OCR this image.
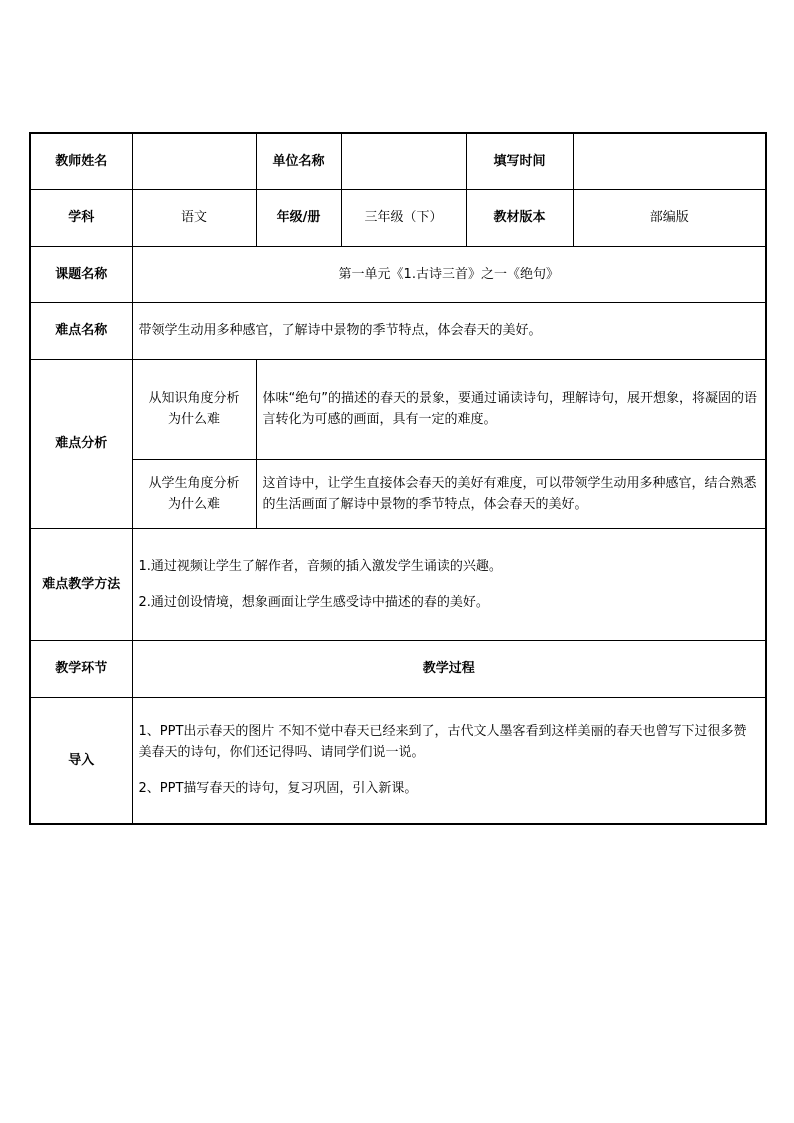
教师姓名		单位名称		填写时间	
学科	语文	年级/册	三年级（下）	教材版本	部编版
课题名称	第一单元《1.古诗三首》之一《绝句》				
难点名称	带领学生动用多种感官，了解诗中景物的季节特点，体会春天的美好。				
难点分析	从知识角度分析为什么难	体味“绝句”的描述的春天的景象，要通过诵读诗句，理解诗句，展开想象，将凝固的语言转化为可感的画面，具有一定的难度。			
	从学生角度分析为什么难	这首诗中，让学生直接体会春天的美好有难度，可以带领学生动用多种感官，结合熟悉的生活画面了解诗中景物的季节特点，体会春天的美好。			
难点教学方法	1.通过视频让学生了解作者，音频的插入激发学生诵读的兴趣。

2.通过创设情境，想象画面让学生感受诗中描述的春的美好。				

教学环节	教学过程				
导入	1、PPT出示春天的图片 不知不觉中春天已经来到了，古代文人墨客看到这样美丽的春天也曾写下过很多赞美春天的诗句，你们还记得吗、请同学们说一说。

2、PPT描写春天的诗句，复习巩固，引入新课。				
